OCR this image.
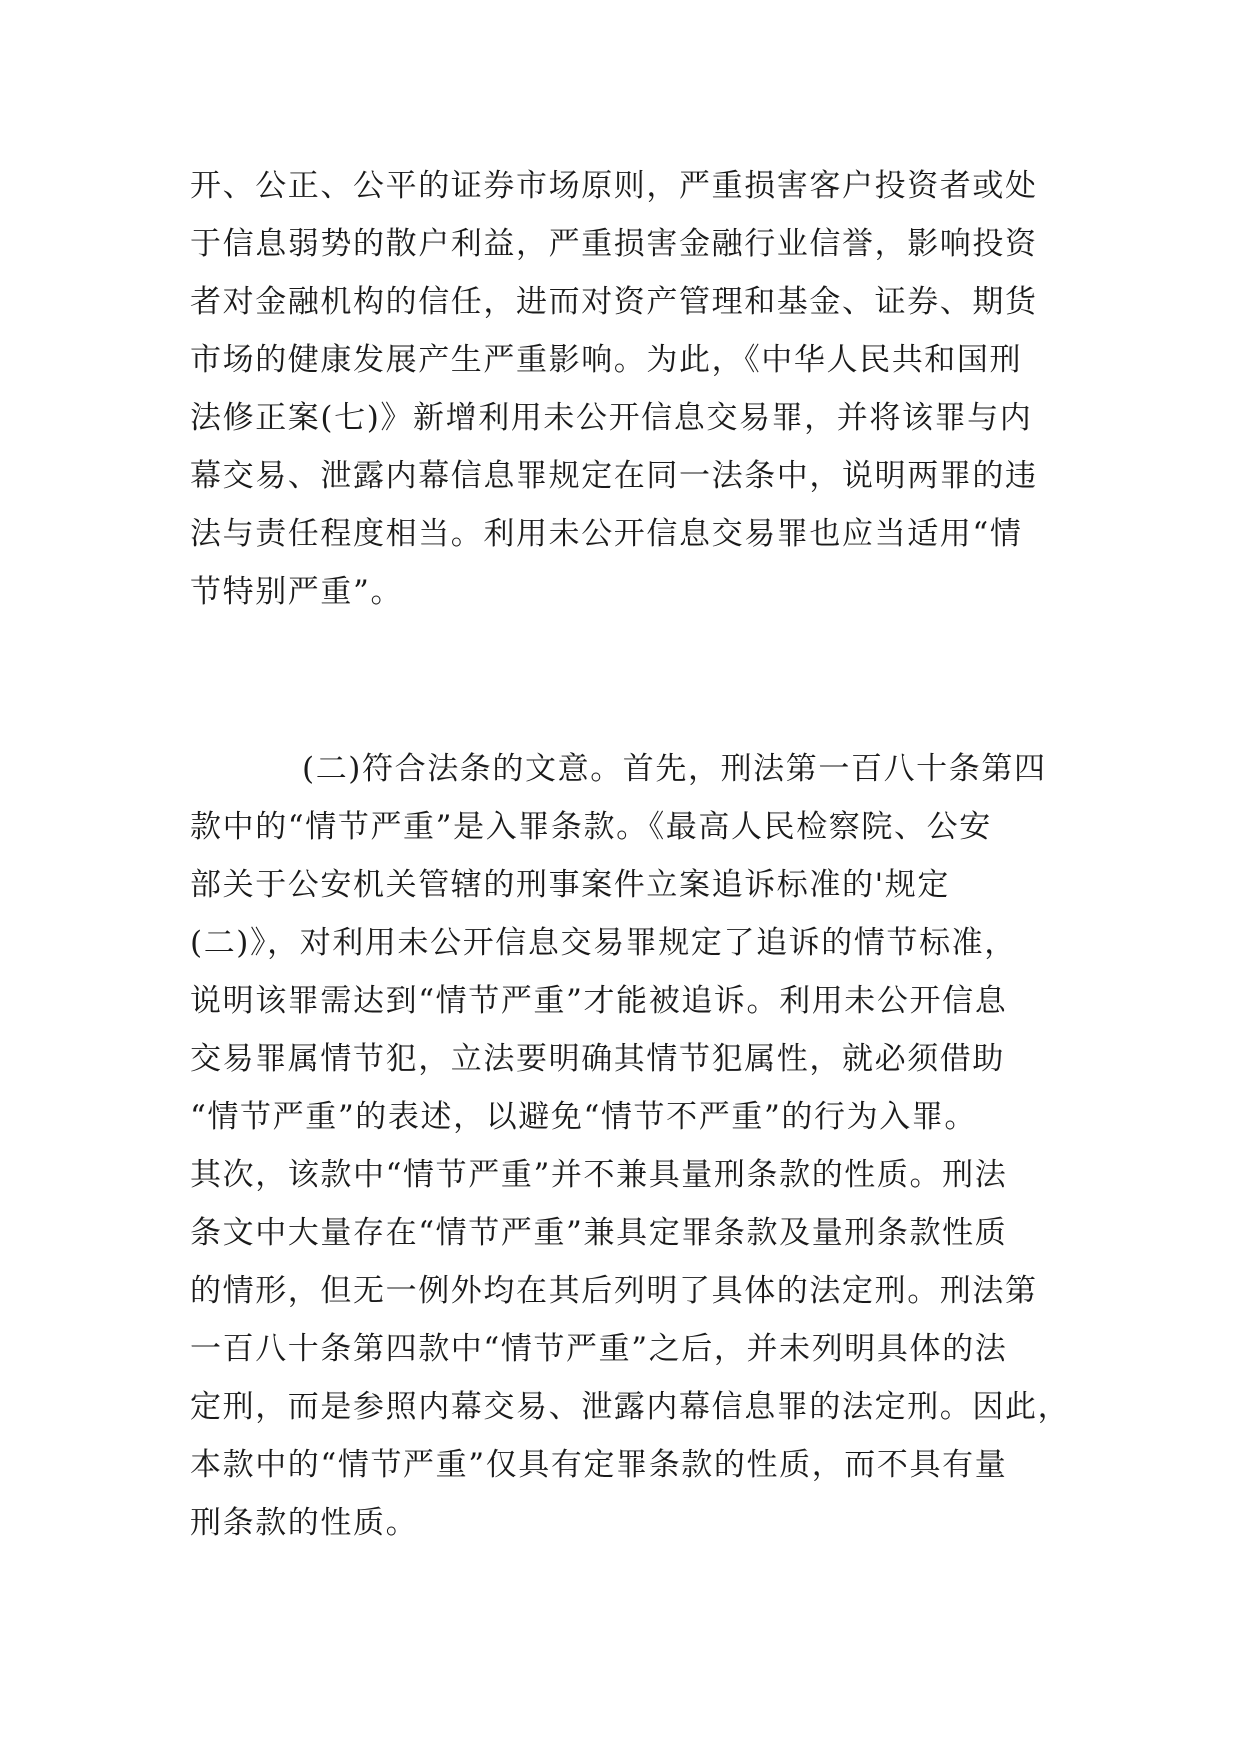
开、公正、公平的证券市场原则，严重损害客户投资者或处
于信息弱势的散户利益，严重损害金融行业信誉，影响投资
者对金融机构的信任，进而对资产管理和基金、证券、期货
市场的健康发展产生严重影响。为此，《中华人民共和国刑
法修正案(七)》新增利用未公开信息交易罪，并将该罪与内
幕交易、泄露内幕信息罪规定在同一法条中，说明两罪的违
法与责任程度相当。利用未公开信息交易罪也应当适用“情
节特别严重”。
(二)符合法条的文意。首先，刑法第一百八十条第四
款中的“情节严重”是入罪条款。《最高人民检察院、公安
部关于公安机关管辖的刑事案件立案追诉标准的'规定
(二)》，对利用未公开信息交易罪规定了追诉的情节标准，
说明该罪需达到“情节严重”才能被追诉。利用未公开信息
交易罪属情节犯，立法要明确其情节犯属性，就必须借助
“情节严重”的表述，以避免“情节不严重”的行为入罪。
其次，该款中“情节严重”并不兼具量刑条款的性质。刑法
条文中大量存在“情节严重”兼具定罪条款及量刑条款性质
的情形，但无一例外均在其后列明了具体的法定刑。刑法第
一百八十条第四款中“情节严重”之后，并未列明具体的法
定刑，而是参照内幕交易、泄露内幕信息罪的法定刑。因此，
本款中的“情节严重”仅具有定罪条款的性质，而不具有量
刑条款的性质。
